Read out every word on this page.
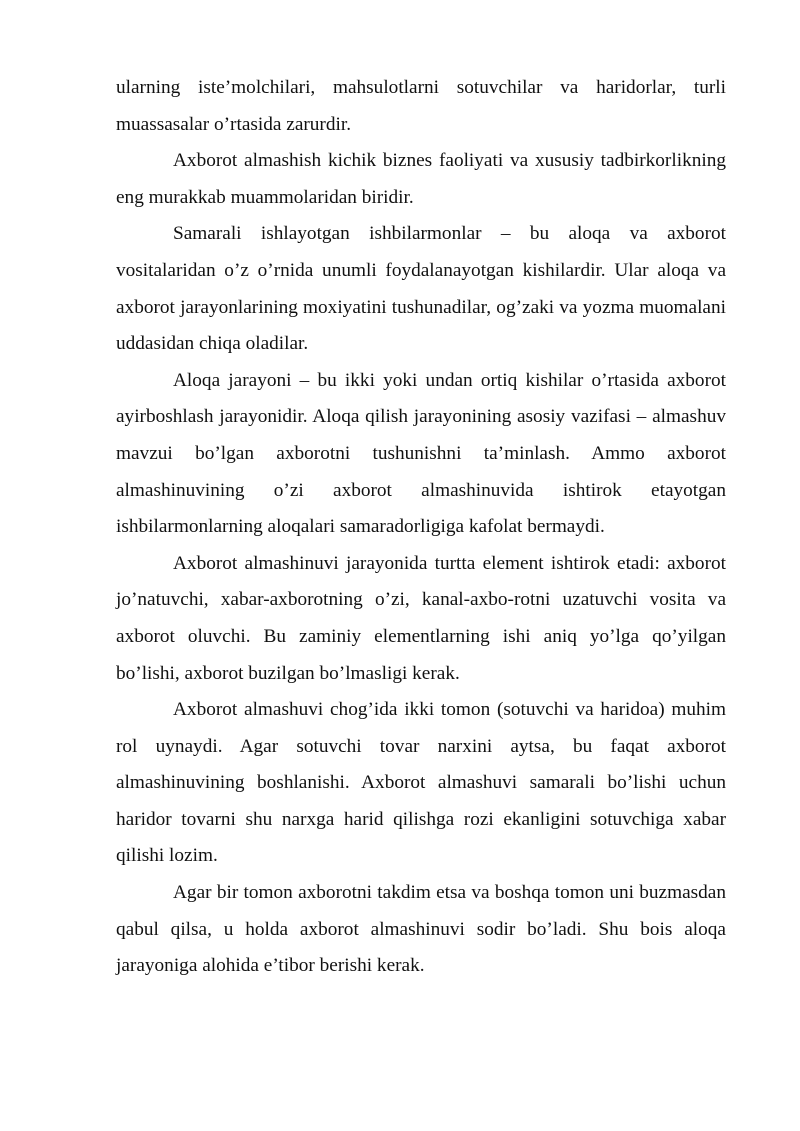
ularning iste’molchilari, mahsulotlarni sotuvchilar va haridorlar, turli muassasalar o’rtasida zarurdir.

Axborot almashish kichik biznes faoliyati va xususiy tadbirkorlikning eng murakkab muammolaridan biridir.

Samarali ishlayotgan ishbilarmonlar – bu aloqa va axborot vositalaridan o’z o’rnida unumli foydalanayotgan kishilardir. Ular aloqa va axborot jarayonlarining moxiyatini tushunadilar, og’zaki va yozma muomalani uddasidan chiqa oladilar.

Aloqa jarayoni – bu ikki yoki undan ortiq kishilar o’rtasida axborot ayirboshlash jarayonidir. Aloqa qilish jarayonining asosiy vazifasi – almashuv mavzui bo’lgan axborotni tushunishni ta’minlash. Ammo axborot almashinuvining o’zi axborot almashinuvida ishtirok etayotgan ishbilarmonlarning aloqalari samaradorligiga kafolat bermaydi.

Axborot almashinuvi jarayonida turtta element ishtirok etadi: axborot jo’natuvchi, xabar-axborotning o’zi, kanal-axbo-rotni uzatuvchi vosita va axborot oluvchi. Bu zaminiy elementlarning ishi aniq yo’lga qo’yilgan bo’lishi, axborot buzilgan bo’lmasligi kerak.

Axborot almashuvi chog’ida ikki tomon (sotuvchi va haridoa) muhim rol uynaydi. Agar sotuvchi tovar narxini aytsa, bu faqat axborot almashinuvining boshlanishi. Axborot almashuvi samarali bo’lishi uchun haridor tovarni shu narxga harid qilishga rozi ekanligini sotuvchiga xabar qilishi lozim.

Agar bir tomon axborotni takdim etsa va boshqa tomon uni buzmasdan qabul qilsa, u holda axborot almashinuvi sodir bo’ladi. Shu bois aloqa jarayoniga alohida e’tibor berishi kerak.
